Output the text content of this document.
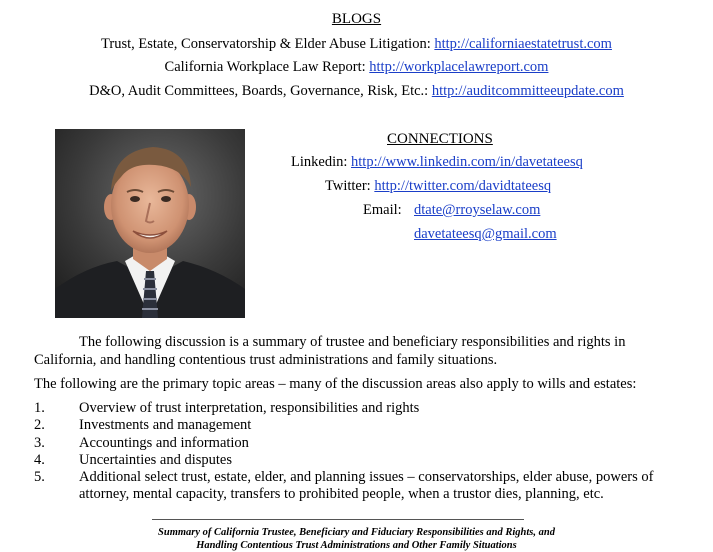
BLOGS
Trust, Estate, Conservatorship & Elder Abuse Litigation: http://californiaestatetrust.com
California Workplace Law Report: http://workplacelawreport.com
D&O, Audit Committees, Boards, Governance, Risk, Etc.: http://auditcommitteeupdate.com
CONNECTIONS
Linkedin: http://www.linkedin.com/in/davetateesq
Twitter: http://twitter.com/davidtateesq
Email: dtate@rroyselaw.com
davetateesq@gmail.com
The following discussion is a summary of trustee and beneficiary responsibilities and rights in California, and handling contentious trust administrations and family situations.
The following are the primary topic areas – many of the discussion areas also apply to wills and estates:
1. Overview of trust interpretation, responsibilities and rights
2. Investments and management
3. Accountings and information
4. Uncertainties and disputes
5. Additional select trust, estate, elder, and planning issues – conservatorships, elder abuse, powers of attorney, mental capacity, transfers to prohibited people, when a trustor dies, planning, etc.
Summary of California Trustee, Beneficiary and Fiduciary Responsibilities and Rights, and
Handling Contentious Trust Administrations and Other Family Situations
